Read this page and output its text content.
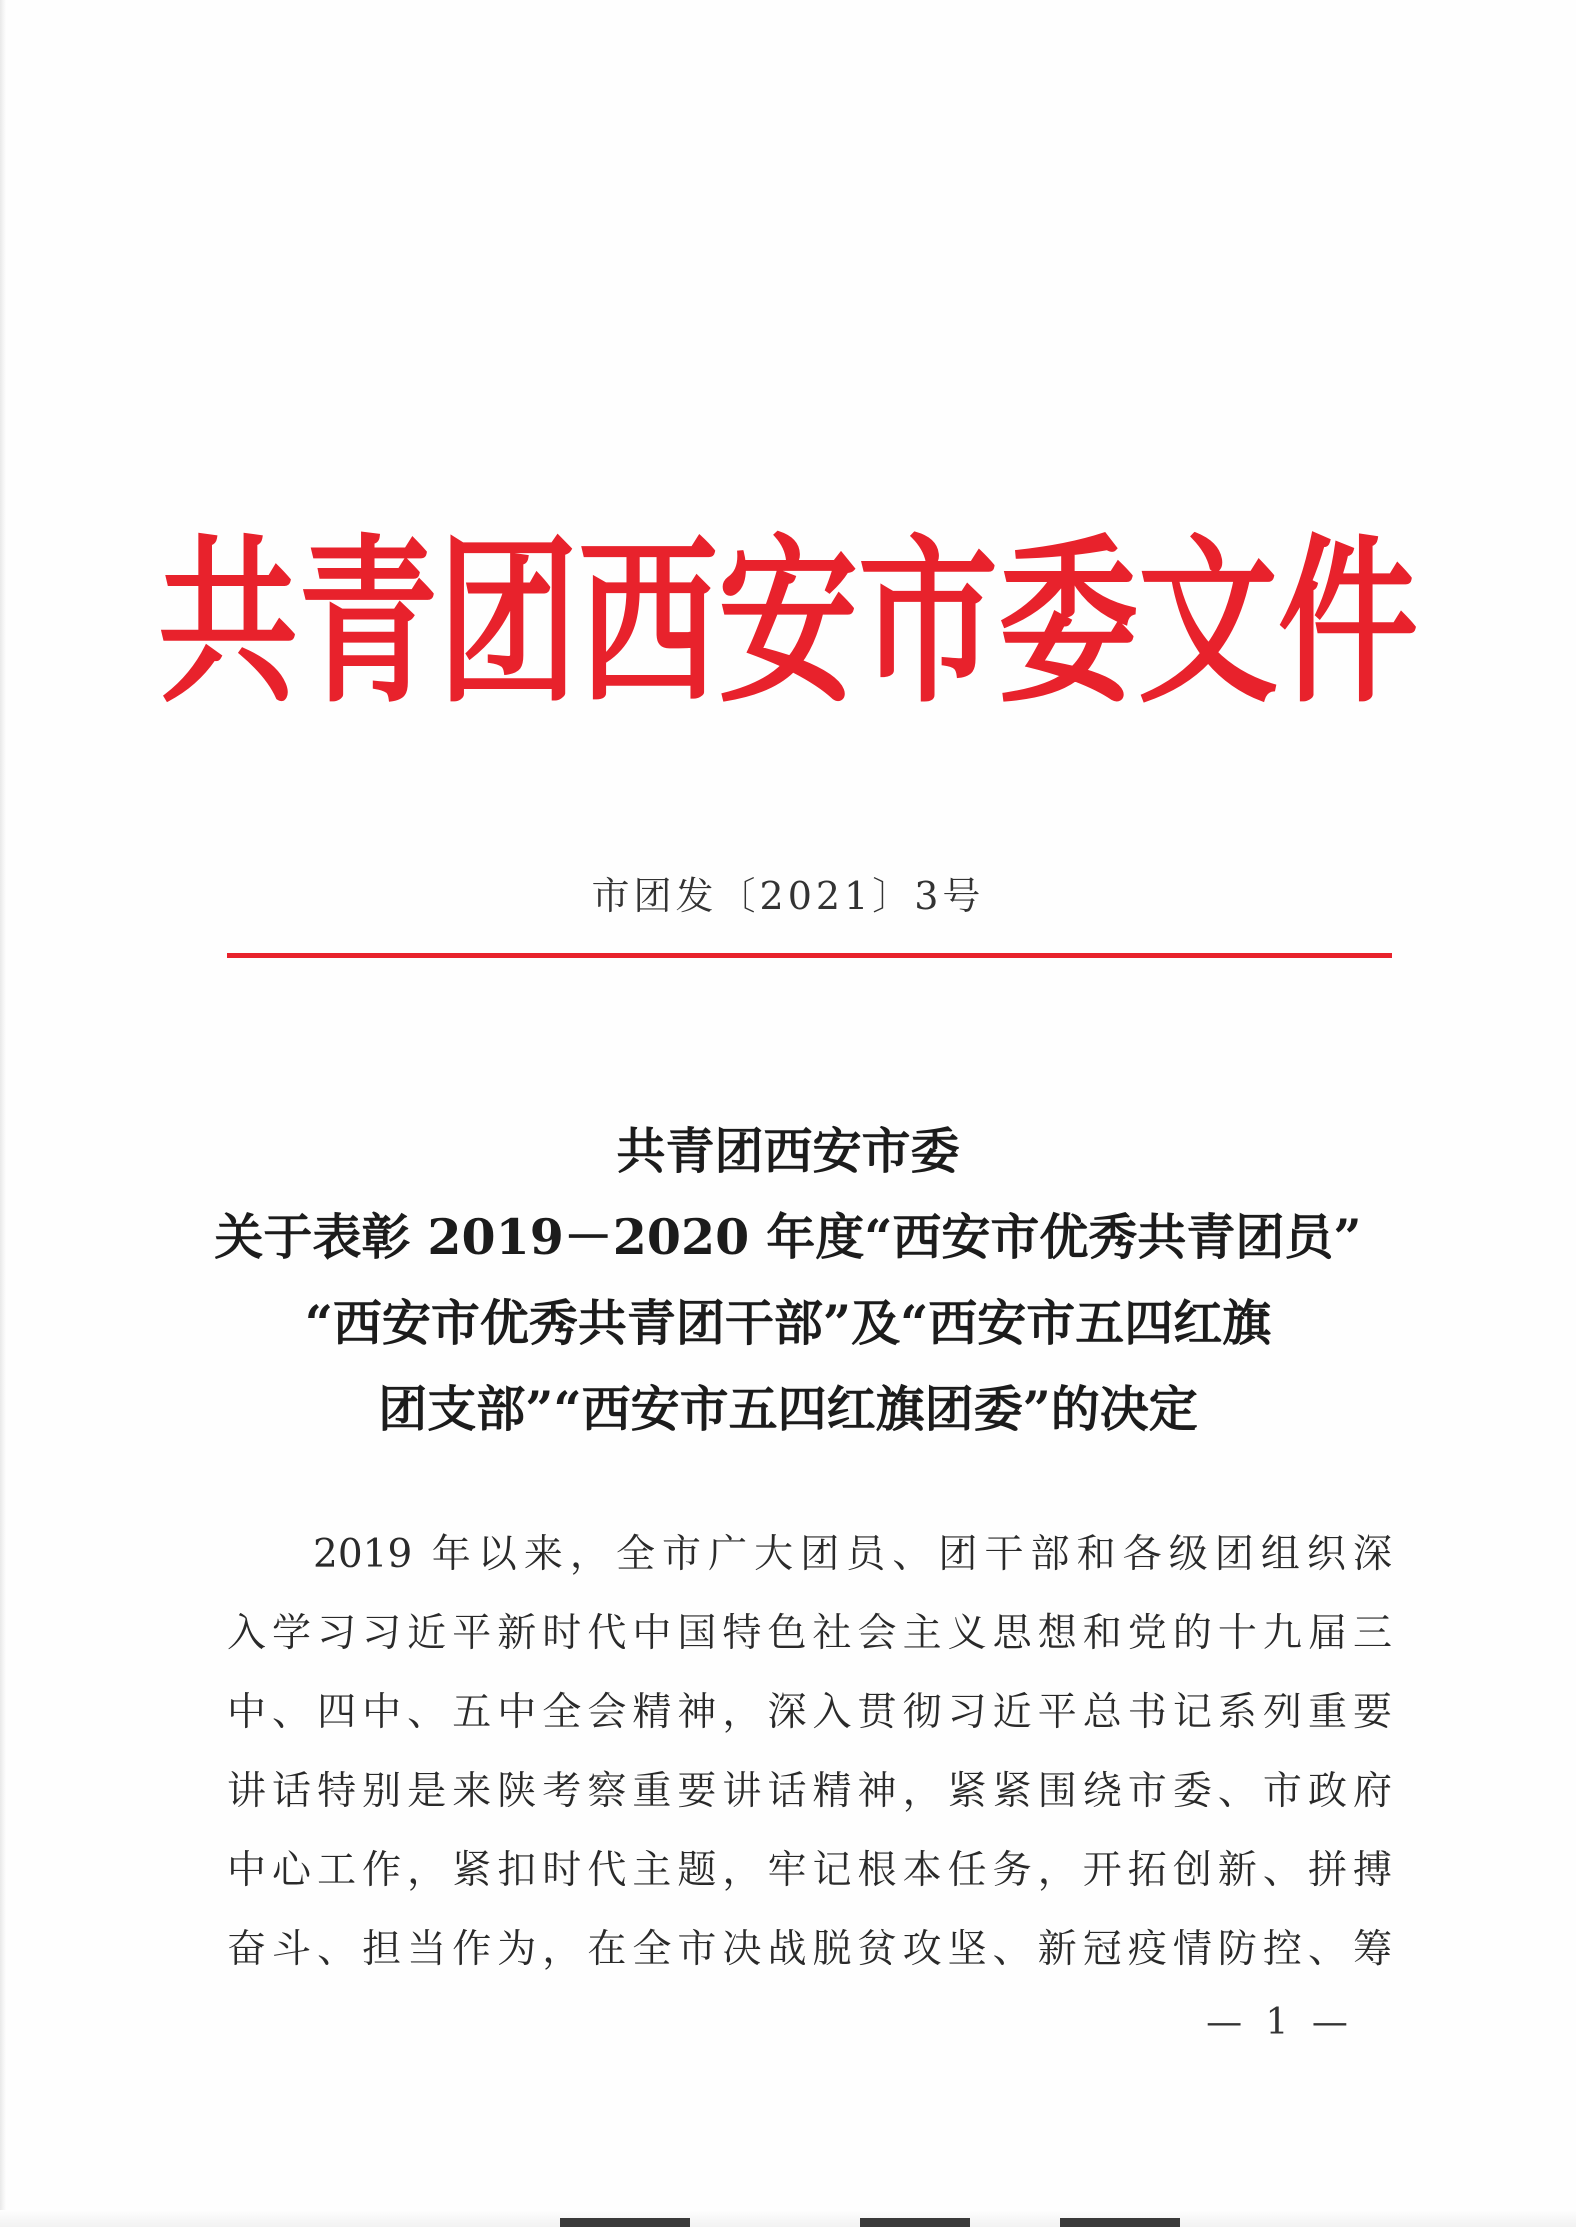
共青团西安市委文件
市团发〔2021〕3号
共青团西安市委
关于表彰 2019－2020 年度“西安市优秀共青团员”
“西安市优秀共青团干部”及“西安市五四红旗
团支部”“西安市五四红旗团委”的决定
2019 年以来，全市广大团员、团干部和各级团组织深
入学习习近平新时代中国特色社会主义思想和党的十九届三
中、四中、五中全会精神，深入贯彻习近平总书记系列重要
讲话特别是来陕考察重要讲话精神，紧紧围绕市委、市政府
中心工作，紧扣时代主题，牢记根本任务，开拓创新、拼搏
奋斗、担当作为，在全市决战脱贫攻坚、新冠疫情防控、筹
— 1 —
